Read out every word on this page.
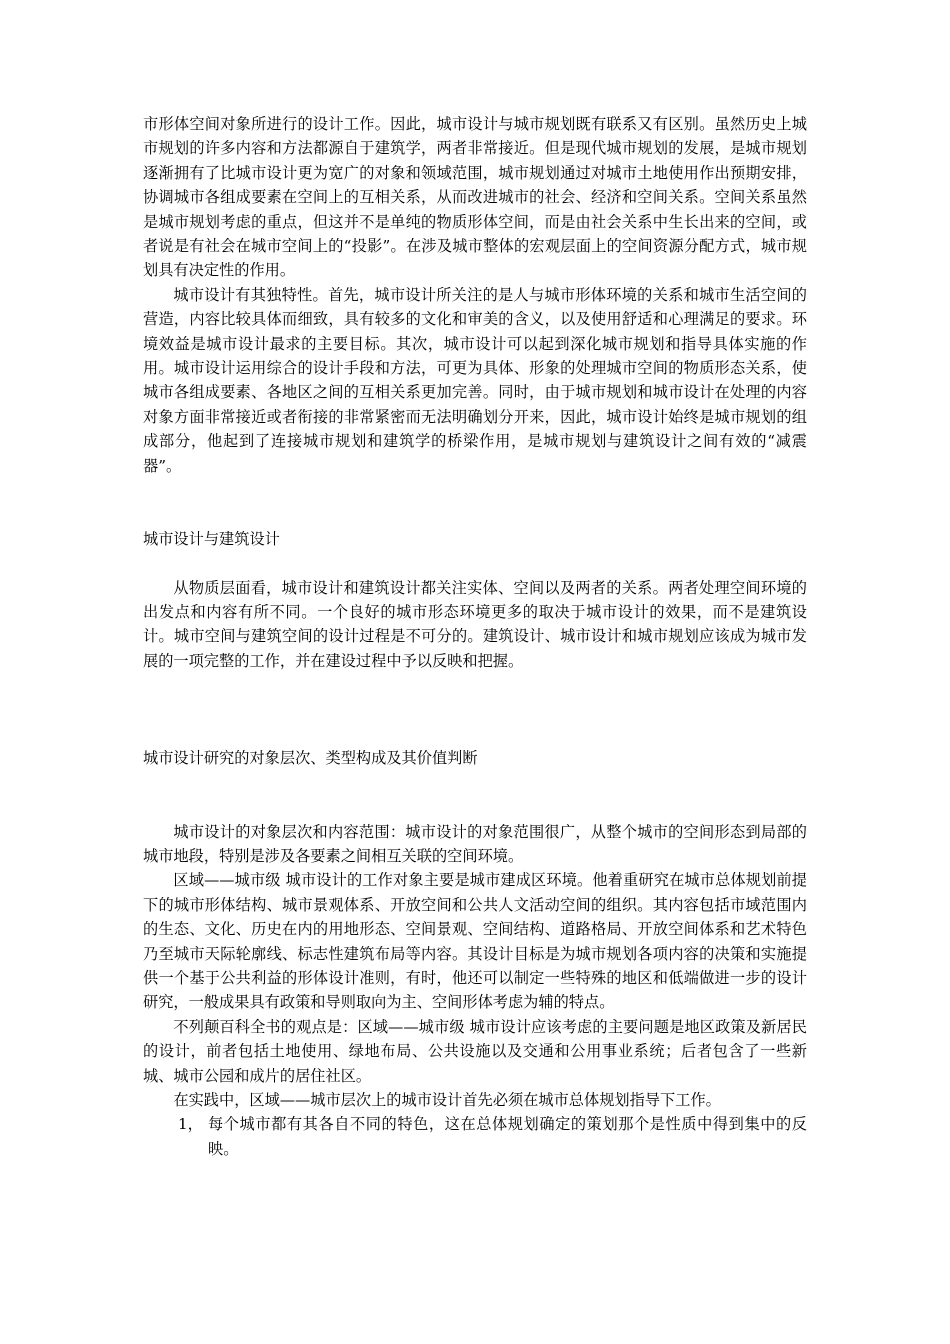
市形体空间对象所进行的设计工作。因此，城市设计与城市规划既有联系又有区别。虽然历史上城市规划的许多内容和方法都源自于建筑学，两者非常接近。但是现代城市规划的发展，是城市规划逐渐拥有了比城市设计更为宽广的对象和领域范围，城市规划通过对城市土地使用作出预期安排，协调城市各组成要素在空间上的互相关系，从而改进城市的社会、经济和空间关系。空间关系虽然是城市规划考虑的重点，但这并不是单纯的物质形体空间，而是由社会关系中生长出来的空间，或者说是有社会在城市空间上的“投影”。在涉及城市整体的宏观层面上的空间资源分配方式，城市规划具有决定性的作用。

城市设计有其独特性。首先，城市设计所关注的是人与城市形体环境的关系和城市生活空间的营造，内容比较具体而细致，具有较多的文化和审美的含义，以及使用舒适和心理满足的要求。环境效益是城市设计最求的主要目标。其次，城市设计可以起到深化城市规划和指导具体实施的作用。城市设计运用综合的设计手段和方法，可更为具体、形象的处理城市空间的物质形态关系，使城市各组成要素、各地区之间的互相关系更加完善。同时，由于城市规划和城市设计在处理的内容对象方面非常接近或者衔接的非常紧密而无法明确划分开来，因此，城市设计始终是城市规划的组成部分，他起到了连接城市规划和建筑学的桥梁作用，是城市规划与建筑设计之间有效的“减震器”。

城市设计与建筑设计

从物质层面看，城市设计和建筑设计都关注实体、空间以及两者的关系。两者处理空间环境的出发点和内容有所不同。一个良好的城市形态环境更多的取决于城市设计的效果，而不是建筑设计。城市空间与建筑空间的设计过程是不可分的。建筑设计、城市设计和城市规划应该成为城市发展的一项完整的工作，并在建设过程中予以反映和把握。

城市设计研究的对象层次、类型构成及其价值判断

城市设计的对象层次和内容范围：城市设计的对象范围很广，从整个城市的空间形态到局部的城市地段，特别是涉及各要素之间相互关联的空间环境。

区域——城市级 城市设计的工作对象主要是城市建成区环境。他着重研究在城市总体规划前提下的城市形体结构、城市景观体系、开放空间和公共人文活动空间的组织。其内容包括市域范围内的生态、文化、历史在内的用地形态、空间景观、空间结构、道路格局、开放空间体系和艺术特色乃至城市天际轮廓线、标志性建筑布局等内容。其设计目标是为城市规划各项内容的决策和实施提供一个基于公共利益的形体设计准则，有时，他还可以制定一些特殊的地区和低端做进一步的设计研究，一般成果具有政策和导则取向为主、空间形体考虑为辅的特点。

不列颠百科全书的观点是：区域——城市级 城市设计应该考虑的主要问题是地区政策及新居民的设计，前者包括土地使用、绿地布局、公共设施以及交通和公用事业系统；后者包含了一些新城、城市公园和成片的居住社区。

在实践中，区域——城市层次上的城市设计首先必须在城市总体规划指导下工作。

1， 每个城市都有其各自不同的特色，这在总体规划确定的策划那个是性质中得到集中的反映。
